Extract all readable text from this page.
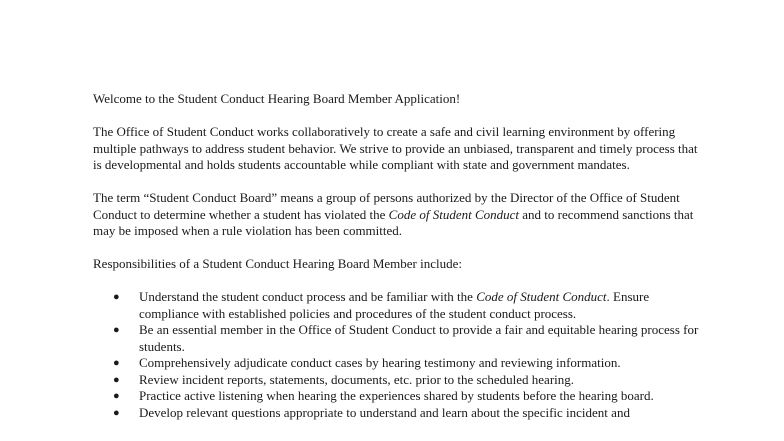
Welcome to the Student Conduct Hearing Board Member Application!

The Office of Student Conduct works collaboratively to create a safe and civil learning environment by offering multiple pathways to address student behavior. We strive to provide an unbiased, transparent and timely process that is developmental and holds students accountable while compliant with state and government mandates.

The term “Student Conduct Board” means a group of persons authorized by the Director of the Office of Student Conduct to determine whether a student has violated the Code of Student Conduct and to recommend sanctions that may be imposed when a rule violation has been committed.

Responsibilities of a Student Conduct Hearing Board Member include:

● Understand the student conduct process and be familiar with the Code of Student Conduct. Ensure compliance with established policies and procedures of the student conduct process.
● Be an essential member in the Office of Student Conduct to provide a fair and equitable hearing process for students.
● Comprehensively adjudicate conduct cases by hearing testimony and reviewing information.
● Review incident reports, statements, documents, etc. prior to the scheduled hearing.
● Practice active listening when hearing the experiences shared by students before the hearing board.
● Develop relevant questions appropriate to understand and learn about the specific incident and
